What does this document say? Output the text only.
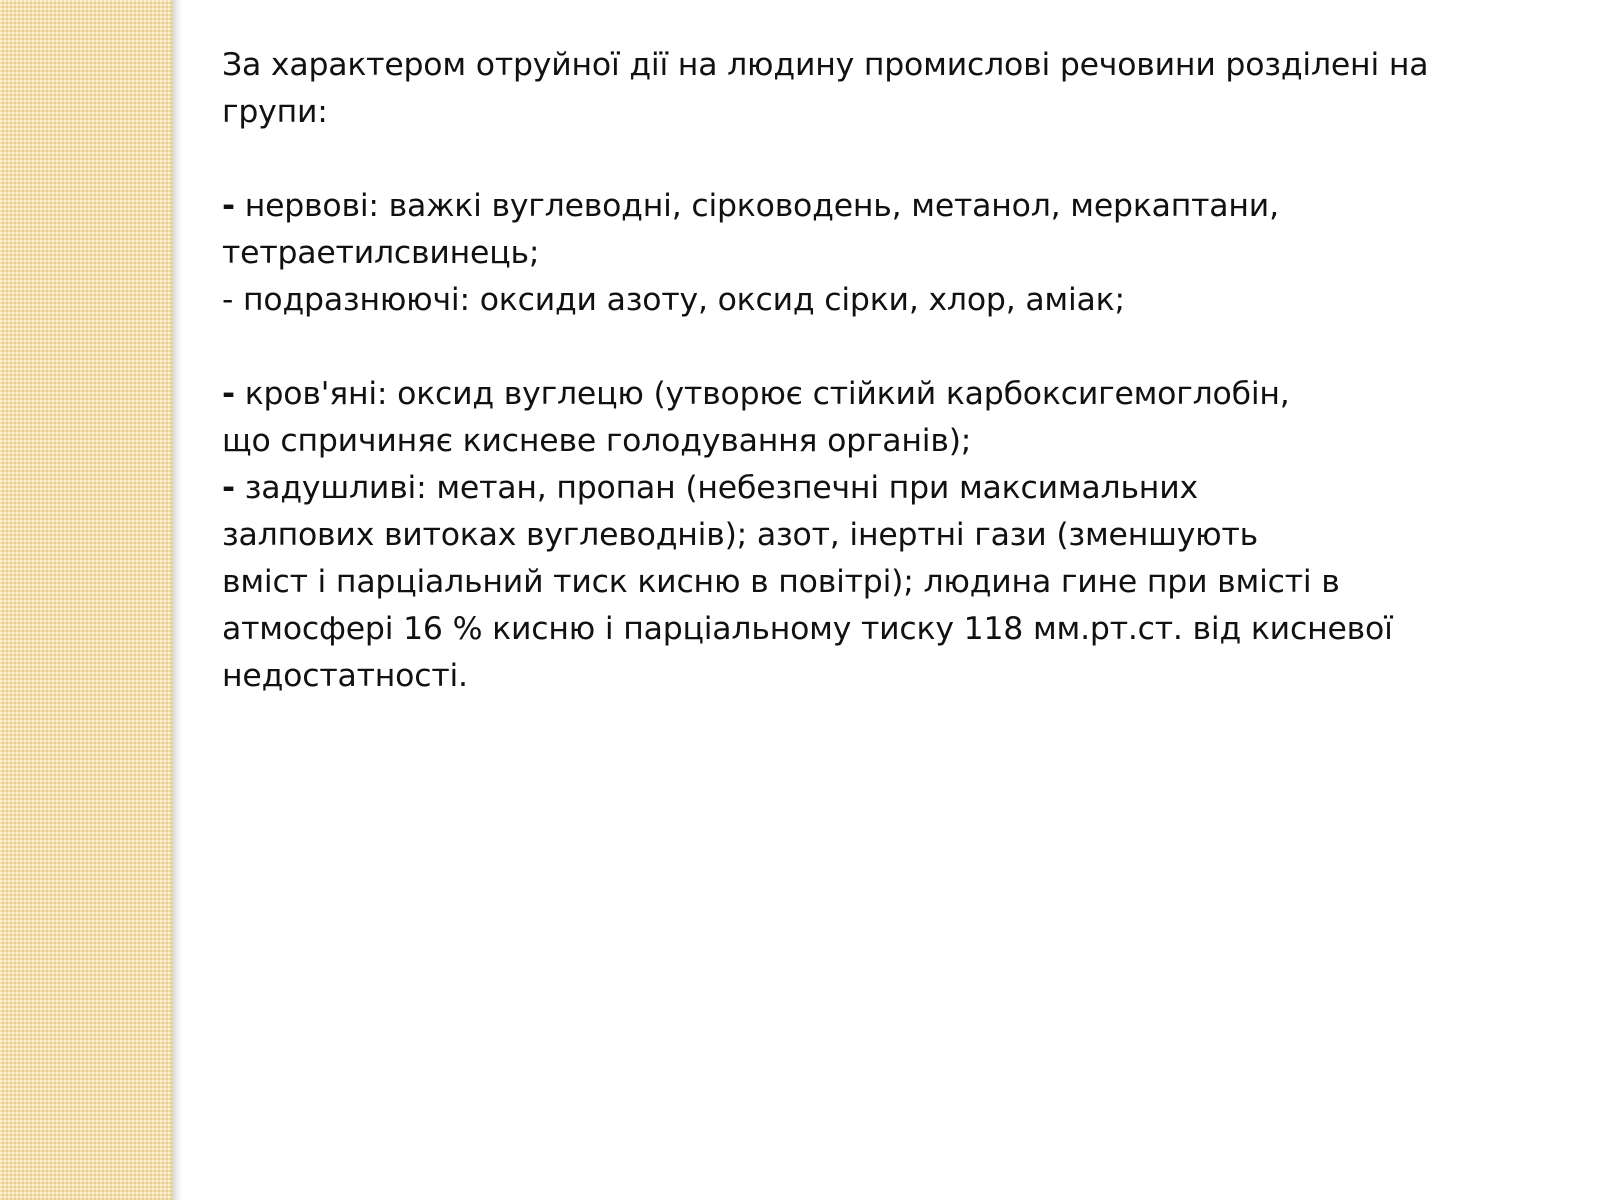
За характером отруйної дії на людину промислові речовини розділені на
групи:
- нервові: важкі вуглеводні, сірководень, метанол, меркаптани,
тетраетилсвинець;
- подразнюючі: оксиди азоту, оксид сірки, хлор, аміак;
- кров'яні: оксид вуглецю (утворює стійкий карбоксигемоглобін,
що спричиняє кисневе голодування органів);
- задушливі: метан, пропан (небезпечні при максимальних
залпових витоках вуглеводнів); азот, інертні гази (зменшують
вміст і парціальний тиск кисню в повітрі); людина гине при вмісті в
атмосфері 16 % кисню і парціальному тиску 118 мм.рт.ст. від кисневої
недостатності.
